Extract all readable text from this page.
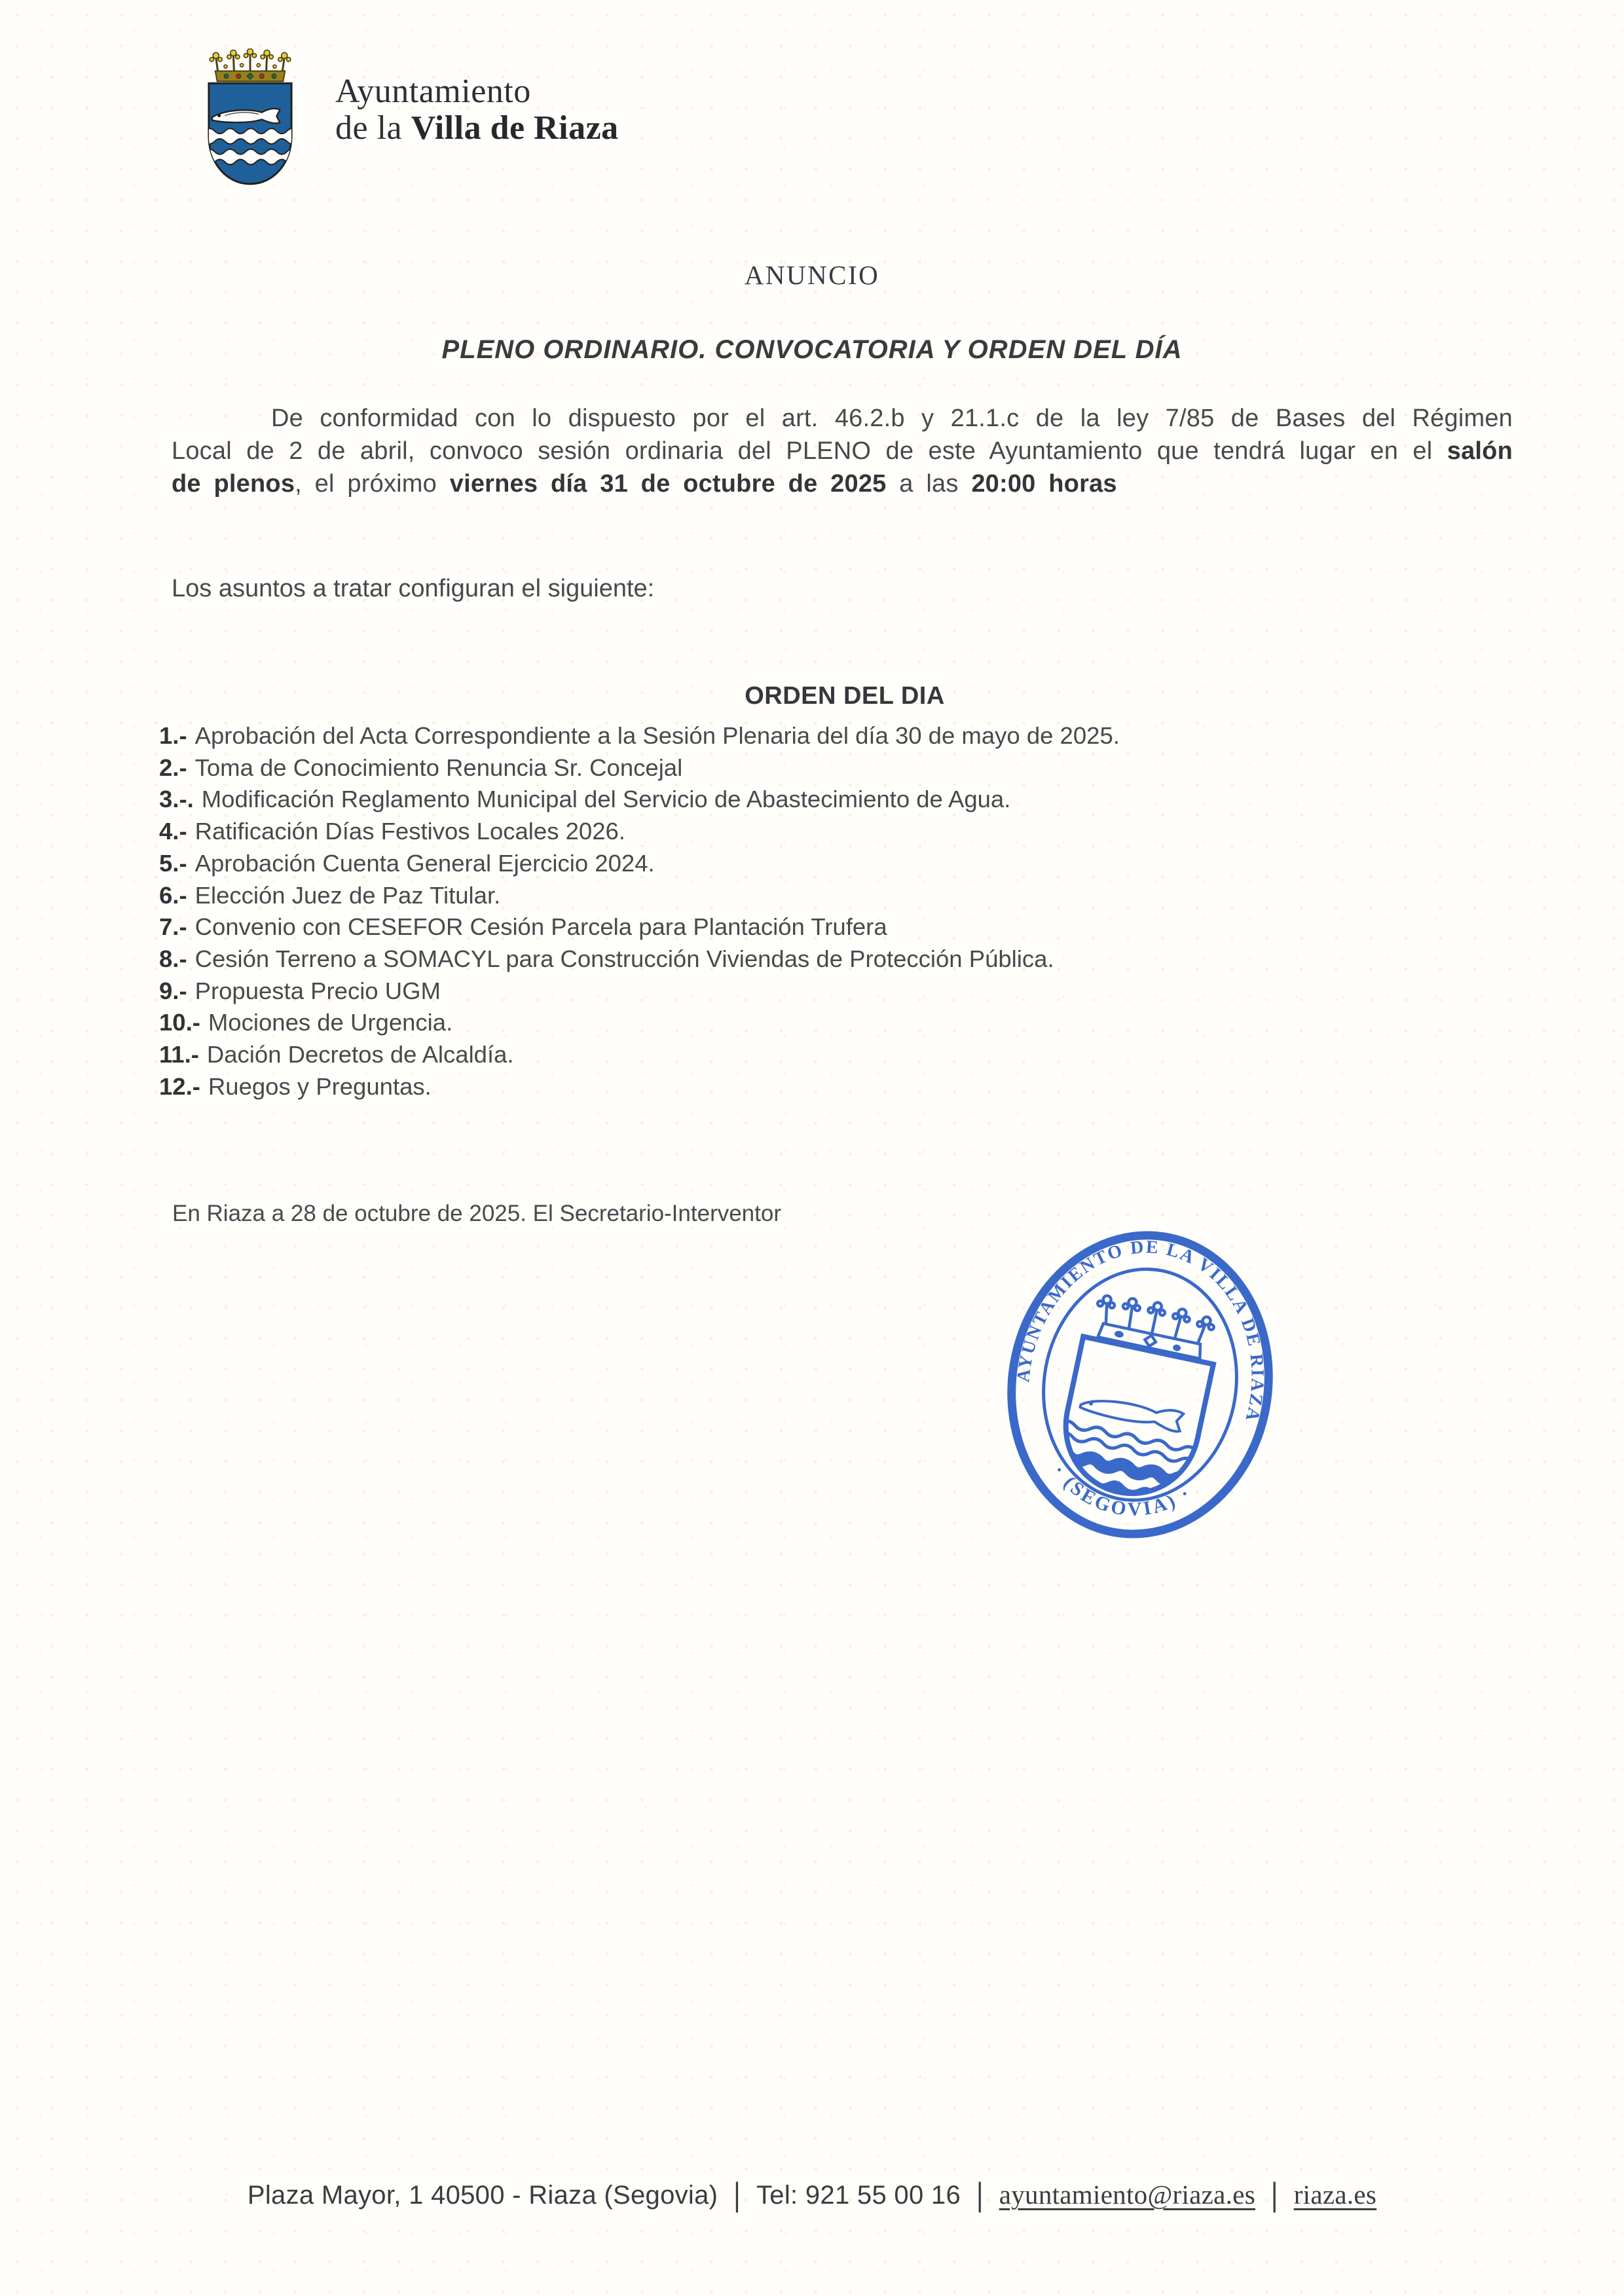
Ayuntamiento
de la Villa de Riaza
ANUNCIO
PLENO ORDINARIO. CONVOCATORIA Y ORDEN DEL DÍA

De conformidad con lo dispuesto por el art. 46.2.b y 21.1.c de la ley 7/85 de Bases del Régimen Local de 2 de abril, convoco sesión ordinaria del PLENO de este Ayuntamiento que tendrá lugar en el salón de plenos, el próximo viernes día 31 de octubre de 2025 a las 20:00 horas

Los asuntos a tratar configuran el siguiente:
ORDEN DEL DIA
1.- Aprobación del Acta Correspondiente a la Sesión Plenaria del día 30 de mayo de 2025.
2.- Toma de Conocimiento Renuncia Sr. Concejal
3.-. Modificación Reglamento Municipal del Servicio de Abastecimiento de Agua.
4.- Ratificación Días Festivos Locales 2026.
5.- Aprobación Cuenta General Ejercicio 2024.
6.- Elección Juez de Paz Titular.
7.- Convenio con CESEFOR Cesión Parcela para Plantación Trufera
8.- Cesión Terreno a SOMACYL para Construcción Viviendas de Protección Pública.
9.- Propuesta Precio UGM
10.- Mociones de Urgencia.
11.- Dación Decretos de Alcaldía.
12.- Ruegos y Preguntas.
En Riaza a 28 de octubre de 2025. El Secretario-Interventor
AYUNTAMIENTO DE LA VILLA DE RIAZA
· (SEGOVIA) ·
Plaza Mayor, 1 40500 - Riaza (Segovia) | Tel: 921 55 00 16 | ayuntamiento@riaza.es | riaza.es
